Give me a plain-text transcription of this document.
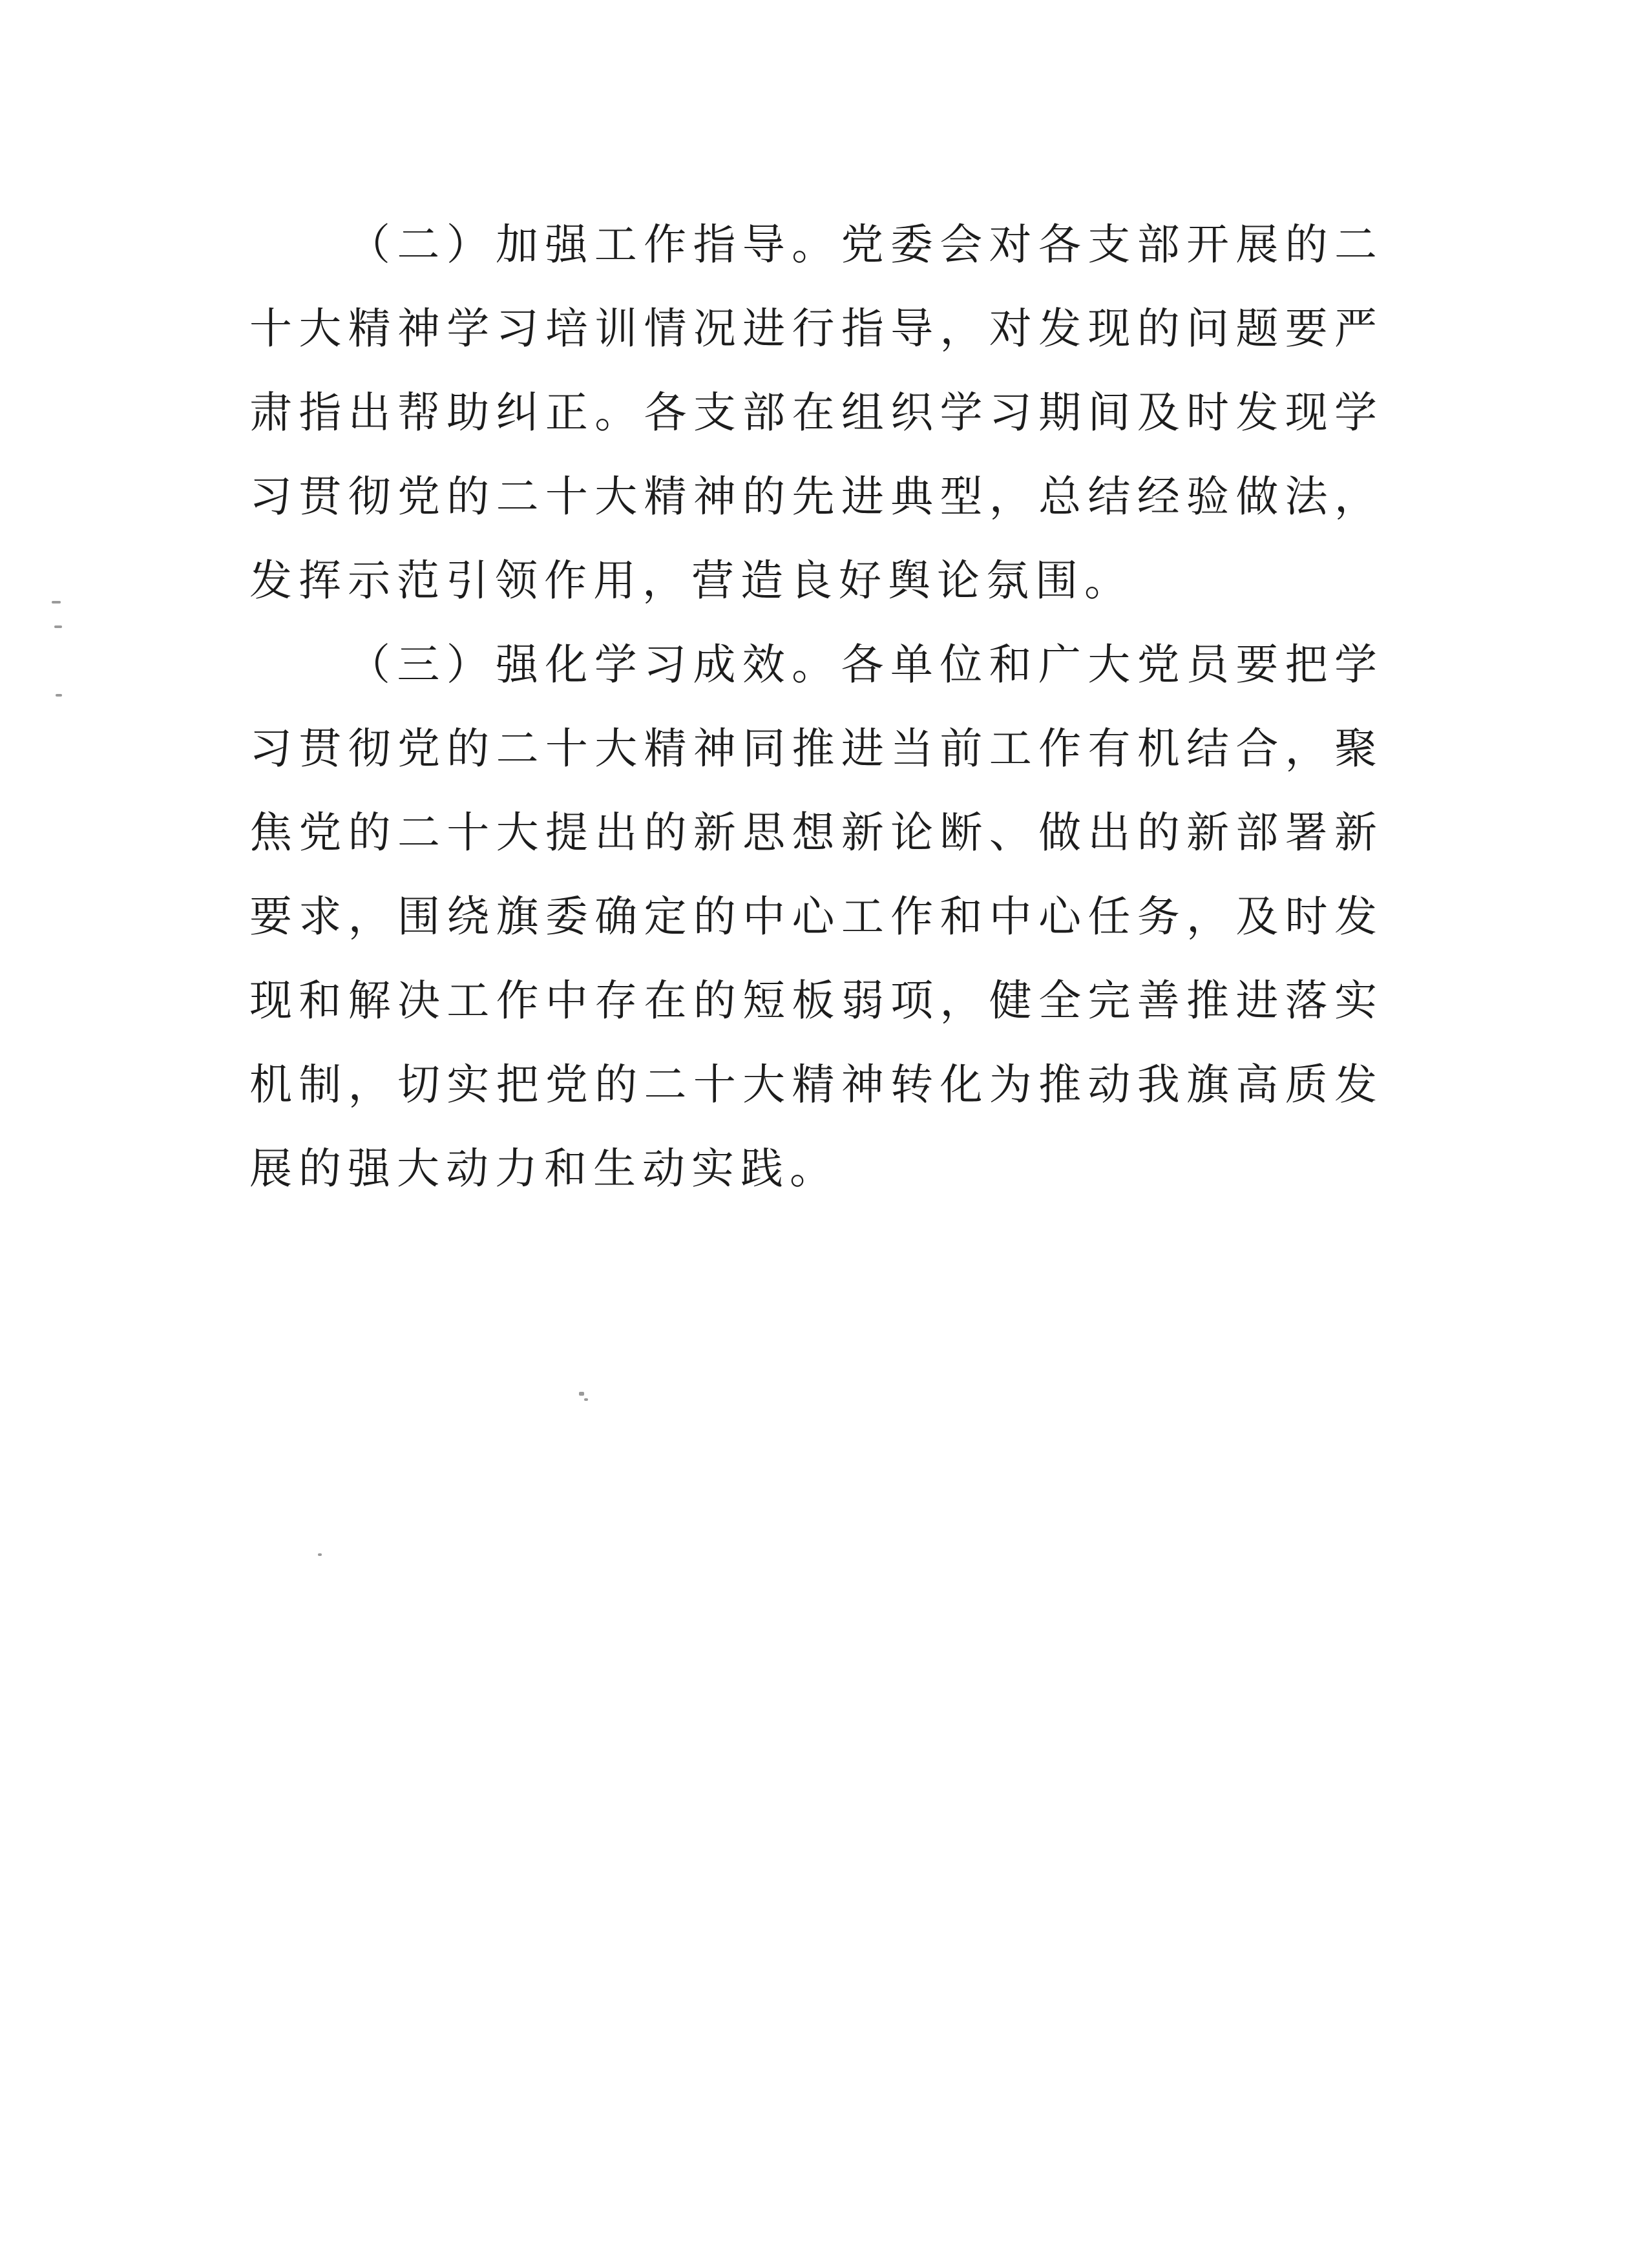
（二）加强工作指导。党委会对各支部开展的二十大精神学习培训情况进行指导，对发现的问题要严肃指出帮助纠正。各支部在组织学习期间及时发现学习贯彻党的二十大精神的先进典型，总结经验做法，发挥示范引领作用，营造良好舆论氛围。

（三）强化学习成效。各单位和广大党员要把学习贯彻党的二十大精神同推进当前工作有机结合，聚焦党的二十大提出的新思想新论断、做出的新部署新要求，围绕旗委确定的中心工作和中心任务，及时发现和解决工作中存在的短板弱项，健全完善推进落实机制，切实把党的二十大精神转化为推动我旗高质发展的强大动力和生动实践。
